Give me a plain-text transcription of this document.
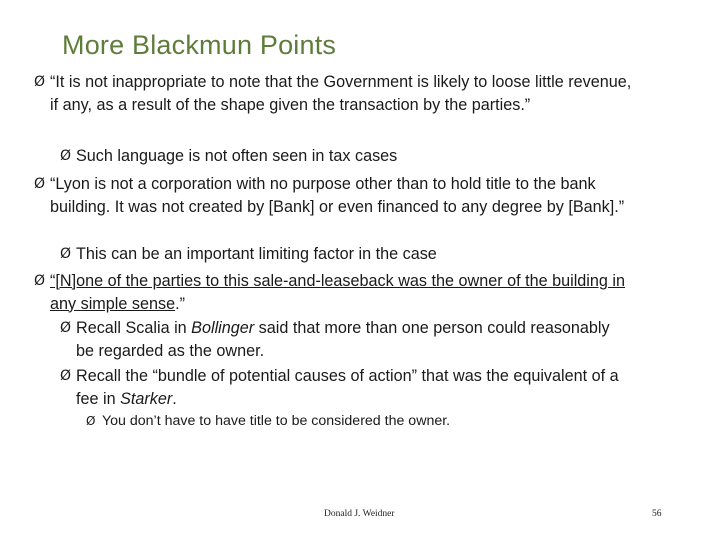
More Blackmun Points
Ø “It is not inappropriate to note that the Government is likely to loose little revenue, if any, as a result of the shape given the transaction by the parties.”
Ø Such language is not often seen in tax cases
Ø “Lyon is not a corporation with no purpose other than to hold title to the bank building. It was not created by [Bank] or even financed to any degree by [Bank].”
Ø This can be an important limiting factor in the case
Ø “[N]one of the parties to this sale-and-leaseback was the owner of the building in any simple sense.”
Ø Recall Scalia in Bollinger said that more than one person could reasonably be regarded as the owner.
Ø Recall the “bundle of potential causes of action” that was the equivalent of a fee in Starker.
Ø You don’t have to have title to be considered the owner.
Donald J. Weidner	56
